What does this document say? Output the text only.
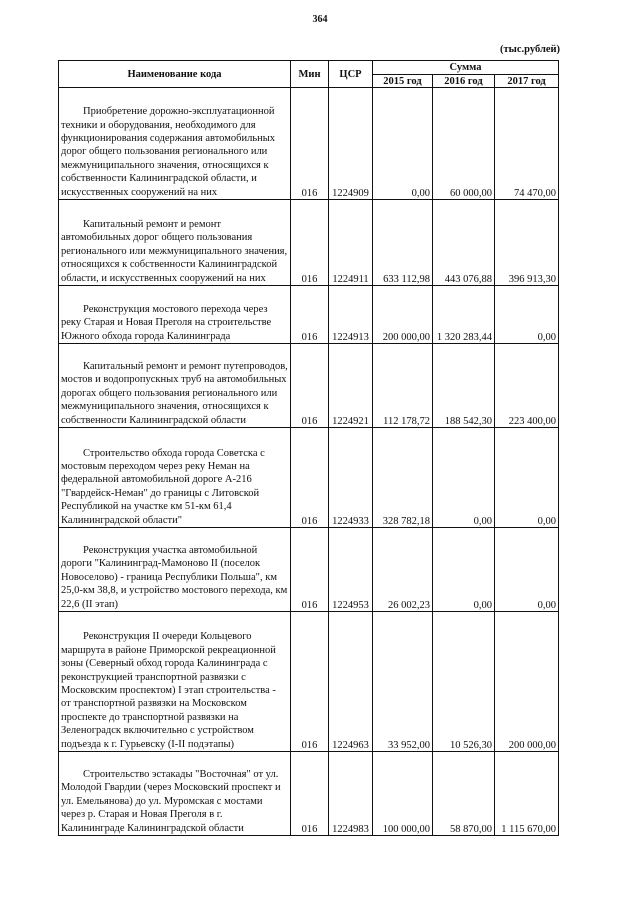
364
(тыс.рублей)
Наименование кода	Мин	ЦСР	Сумма		
			2015 год	2016 год	2017 год

Приобретение дорожно-эксплуатационной техники и оборудования, необходимого для функционирования содержания автомобильных дорог общего пользования регионального или межмуниципального значения, относящихся к собственности Калининградской области, и искусственных сооружений на них	016	1224909	0,00	60 000,00	74 470,00

Капитальный ремонт и ремонт автомобильных дорог общего пользования регионального или межмуниципального значения, относящихся к собственности Калининградской области, и искусственных сооружений на них	016	1224911	633 112,98	443 076,88	396 913,30

Реконструкция мостового перехода через реку Старая и Новая Преголя на строительстве Южного обхода города Калининграда	016	1224913	200 000,00	1 320 283,44	0,00

Капитальный ремонт и ремонт путепроводов, мостов и водопропускных труб на автомобильных дорогах общего пользования регионального или межмуниципального значения, относящихся к собственности Калининградской области	016	1224921	112 178,72	188 542,30	223 400,00

Строительство обхода города Советска с мостовым переходом через реку Неман на федеральной автомобильной дороге А-216 "Гвардейск-Неман" до границы с Литовской Республикой на участке км 51-км 61,4 Калининградской области"	016	1224933	328 782,18	0,00	0,00

Реконструкция участка автомобильной дороги "Калининград-Мамоново II (поселок Новоселово) - граница Республики Польша", км 25,0-км 38,8, и устройство мостового перехода, км 22,6 (II этап)	016	1224953	26 002,23	0,00	0,00

Реконструкция II очереди Кольцевого маршрута в районе Приморской рекреационной зоны (Северный обход города Калининграда с реконструкцией транспортной развязки с Московским проспектом) I этап строительства - от транспортной развязки на Московском проспекте до транспортной развязки на Зеленоградск включительно с устройством подъезда к г. Гурьевску (I-II подэтапы)	016	1224963	33 952,00	10 526,30	200 000,00

Строительство эстакады "Восточная" от ул. Молодой Гвардии (через Московский проспект и ул. Емельянова) до ул. Муромская с мостами через р. Старая и Новая Преголя в г. Калининграде Калининградской области	016	1224983	100 000,00	58 870,00	1 115 670,00
